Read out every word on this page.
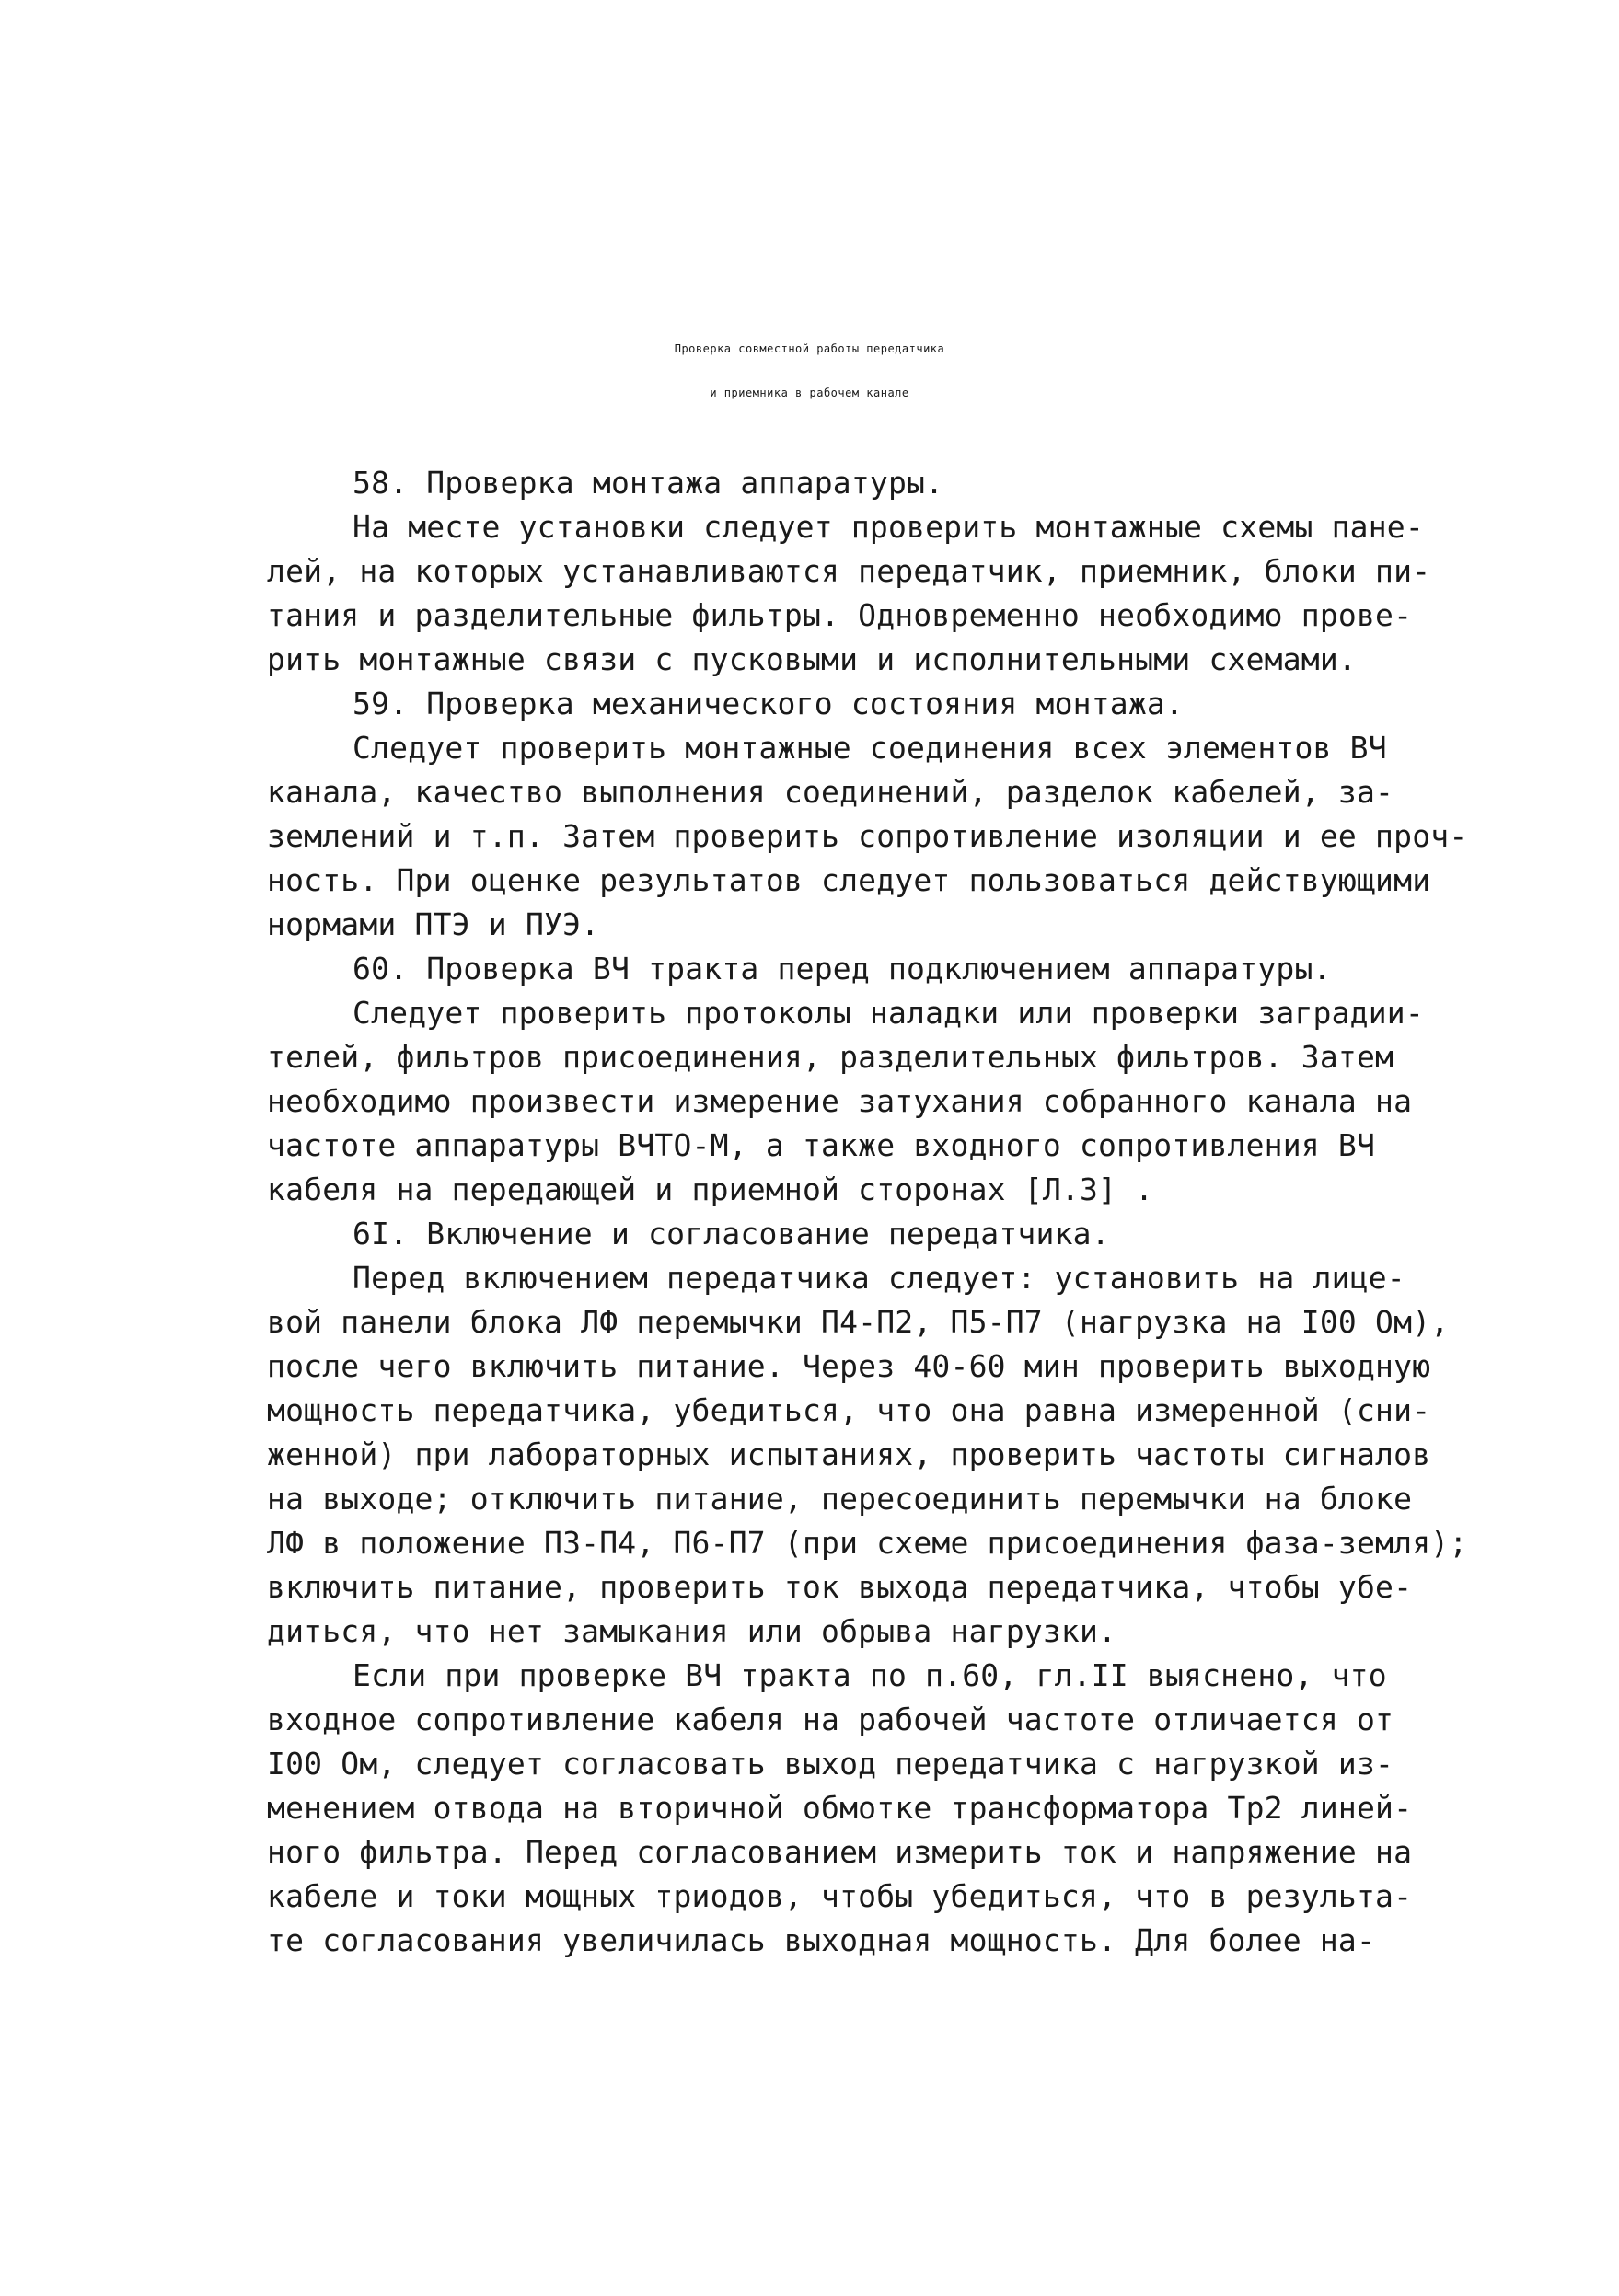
Проверка совместной работы передатчика

и приемника в рабочем канале

58. Проверка монтажа аппаратуры.

На месте установки следует проверить монтажные схемы пане-

лей, на которых устанавливаются передатчик, приемник, блоки пи-

тания и разделительные фильтры. Одновременно необходимо прове-

рить монтажные связи с пусковыми и исполнительными схемами.

59. Проверка механического состояния монтажа.

Следует проверить монтажные соединения всех элементов ВЧ

канала, качество выполнения соединений, разделок кабелей, за-

землений и т.п. Затем проверить сопротивление изоляции и ее проч-

ность. При оценке результатов следует пользоваться действующими

нормами ПТЭ и ПУЭ.

60. Проверка ВЧ тракта перед подключением аппаратуры.

Следует проверить протоколы наладки или проверки заградии-

телей, фильтров присоединения, разделительных фильтров. Затем

необходимо произвести измерение затухания собранного канала на

частоте аппаратуры ВЧТО-М, а также входного сопротивления ВЧ

кабеля на передающей и приемной сторонах [Л.3] .

6I. Включение и согласование передатчика.

Перед включением передатчика следует: установить на лице-

вой панели блока ЛФ перемычки П4-П2, П5-П7 (нагрузка на I00 Ом),

после чего включить питание. Через 40-60 мин проверить выходную

мощность передатчика, убедиться, что она равна измеренной (сни-

женной) при лабораторных испытаниях, проверить частоты сигналов

на выходе; отключить питание, пересоединить перемычки на блоке

ЛФ в положение П3-П4, П6-П7 (при схеме присоединения фаза-земля);

включить питание, проверить ток выхода передатчика, чтобы убе-

диться, что нет замыкания или обрыва нагрузки.

Если при проверке ВЧ тракта по п.60, гл.II выяснено, что

входное сопротивление кабеля на рабочей частоте отличается от

I00 Ом, следует согласовать выход передатчика с нагрузкой из-

менением отвода на вторичной обмотке трансформатора Тр2 линей-

ного фильтра. Перед согласованием измерить ток и напряжение на

кабеле и токи мощных триодов, чтобы убедиться, что в результа-

те согласования увеличилась выходная мощность. Для более на-
